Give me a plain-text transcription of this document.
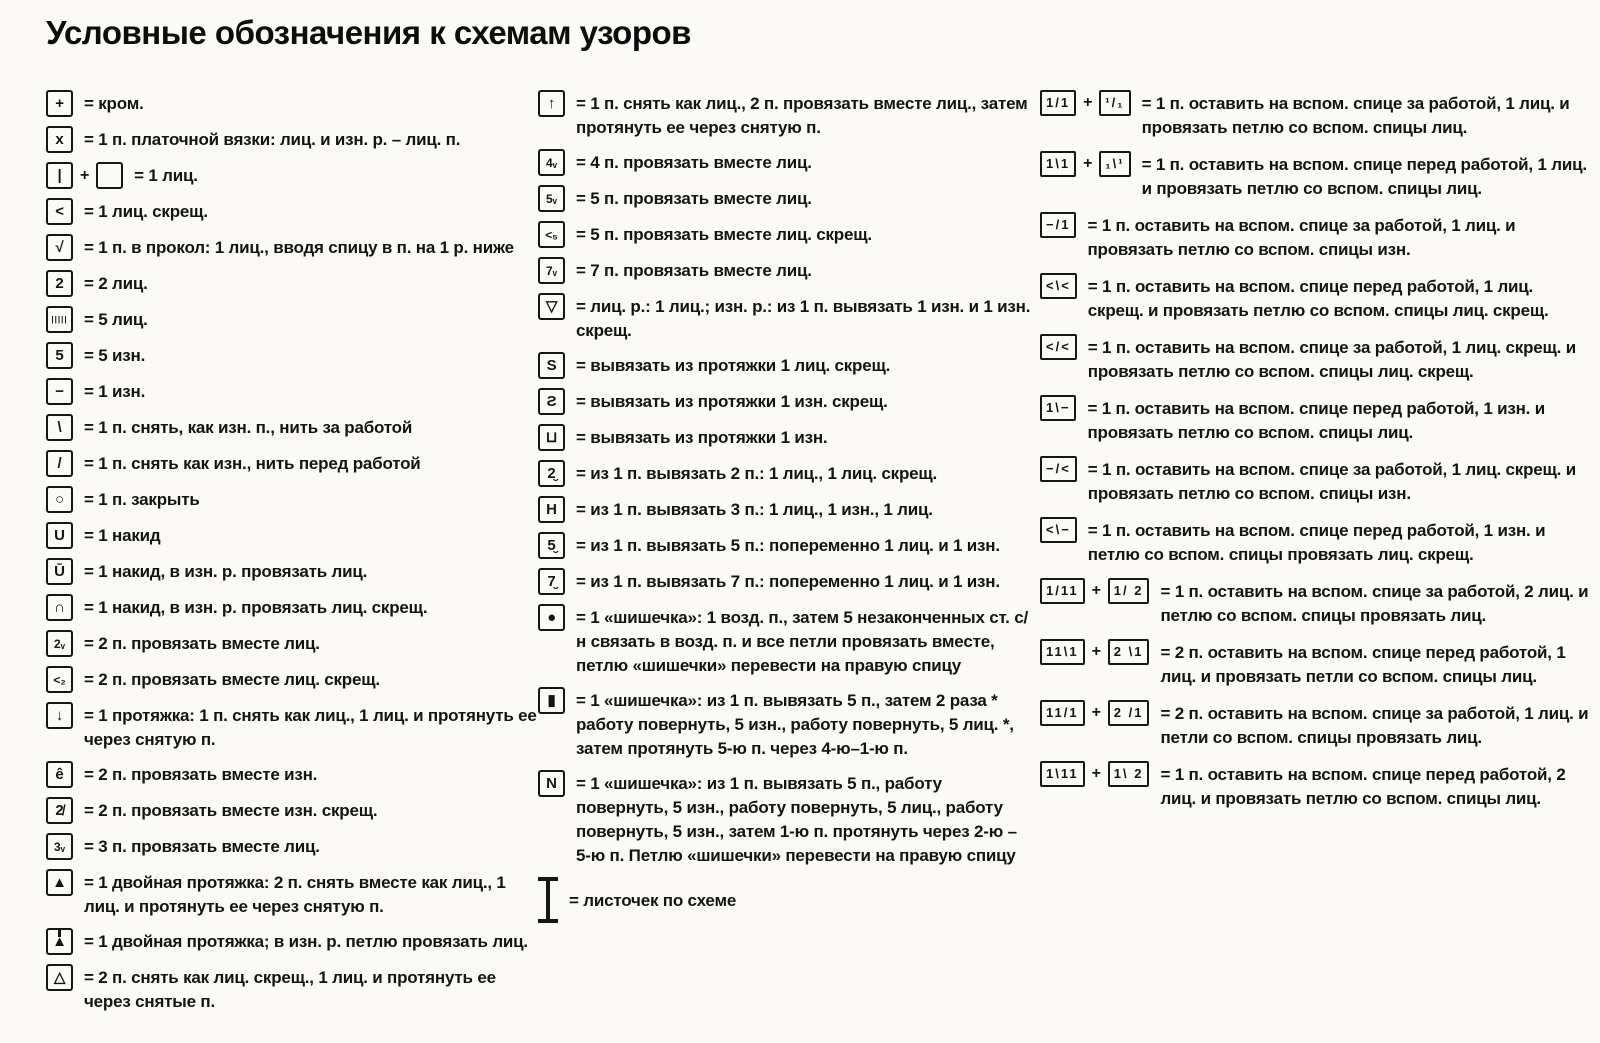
Условные обозначения к схемам узоров
+	= кром.
x	= 1 п. платочной вязки: лиц. и изн. р. – лиц. п.
|	+	= 1 лиц.
<	= 1 лиц. скрещ.
√	= 1 п. в прокол: 1 лиц., вводя спицу в п. на 1 р. ниже
2	= 2 лиц.
||||| = 5 лиц.
5	= 5 изн.
−	= 1 изн.
\	= 1 п. снять, как изн. п., нить за работой
/	= 1 п. снять как изн., нить перед работой
○	= 1 п. закрыть
U	= 1 накид
Ū	= 1 накид, в изн. р. провязать лиц.
∩	= 1 накид, в изн. р. провязать лиц. скрещ.
2ᵥ	= 2 п. провязать вместе лиц.
<₂	= 2 п. провязать вместе лиц. скрещ.
↓	= 1 протяжка: 1 п. снять как лиц., 1 лиц. и протянуть ее через снятую п.
ê	= 2 п. провязать вместе изн.
2̸	= 2 п. провязать вместе изн. скрещ.
3ᵥ	= 3 п. провязать вместе лиц.
▲	= 1 двойная протяжка: 2 п. снять вместе как лиц., 1 лиц. и протянуть ее через снятую п.
▲	= 1 двойная протяжка; в изн. р. петлю провязать лиц.
△	= 2 п. снять как лиц. скрещ., 1 лиц. и протянуть ее через снятые п.
↑	= 1 п. снять как лиц., 2 п. провязать вместе лиц., затем протянуть ее через снятую п.
4ᵥ	= 4 п. провязать вместе лиц.
5ᵥ	= 5 п. провязать вместе лиц.
<₅	= 5 п. провязать вместе лиц. скрещ.
7ᵥ	= 7 п. провязать вместе лиц.
▽	= лиц. р.: 1 лиц.; изн. р.: из 1 п. вывязать 1 изн. и 1 изн. скрещ.
S	= вывязать из протяжки 1 лиц. скрещ.
Ƨ	= вывязать из протяжки 1 изн. скрещ.
⊔	= вывязать из протяжки 1 изн.
2̮	= из 1 п. вывязать 2 п.: 1 лиц., 1 лиц. скрещ.
H	= из 1 п. вывязать 3 п.: 1 лиц., 1 изн., 1 лиц.
5̮	= из 1 п. вывязать 5 п.: попеременно 1 лиц. и 1 изн.
7̮	= из 1 п. вывязать 7 п.: попеременно 1 лиц. и 1 изн.
●	= 1 «шишечка»: 1 возд. п., затем 5 незаконченных ст. с/н связать в возд. п. и все петли провязать вместе, петлю «шишечки» перевести на правую спицу
▮	= 1 «шишечка»: из 1 п. вывязать 5 п., затем 2 раза * работу повернуть, 5 изн., работу повернуть, 5 лиц. *, затем протянуть 5-ю п. через 4-ю–1-ю п.
N	= 1 «шишечка»: из 1 п. вывязать 5 п., работу повернуть, 5 изн., работу повернуть, 5 лиц., работу повернуть, 5 изн., затем 1-ю п. протянуть через 2-ю – 5-ю п. Петлю «шишечки» перевести на правую спицу
= листочек по схеме
1/1 +	¹/₁	= 1 п. оставить на вспом. спице за работой, 1 лиц. и провязать петлю со вспом. спицы лиц.
1\1 +	₁\¹	= 1 п. оставить на вспом. спице перед работой, 1 лиц. и провязать петлю со вспом. спицы лиц.
−/1	= 1 п. оставить на вспом. спице за работой, 1 лиц. и провязать петлю со вспом. спицы изн.
<\<	= 1 п. оставить на вспом. спице перед работой, 1 лиц. скрещ. и провязать петлю со вспом. спицы лиц. скрещ.
</<	= 1 п. оставить на вспом. спице за работой, 1 лиц. скрещ. и провязать петлю со вспом. спицы лиц. скрещ.
1\−	= 1 п. оставить на вспом. спице перед работой, 1 изн. и провязать петлю со вспом. спицы лиц.
−/<	= 1 п. оставить на вспом. спице за работой, 1 лиц. скрещ. и провязать петлю со вспом. спицы изн.
<\−	= 1 п. оставить на вспом. спице перед работой, 1 изн. и петлю со вспом. спицы провязать лиц. скрещ.
1/11 +	1/ 2	= 1 п. оставить на вспом. спице за работой, 2 лиц. и петлю со вспом. спицы провязать лиц.
11\1 +	2 \1	= 2 п. оставить на вспом. спице перед работой, 1 лиц. и провязать петли со вспом. спицы лиц.
11/1 +	2 /1	= 2 п. оставить на вспом. спице за работой, 1 лиц. и петли со вспом. спицы провязать лиц.
1\11 +	1\ 2	= 1 п. оставить на вспом. спице перед работой, 2 лиц. и провязать петлю со вспом. спицы лиц.
